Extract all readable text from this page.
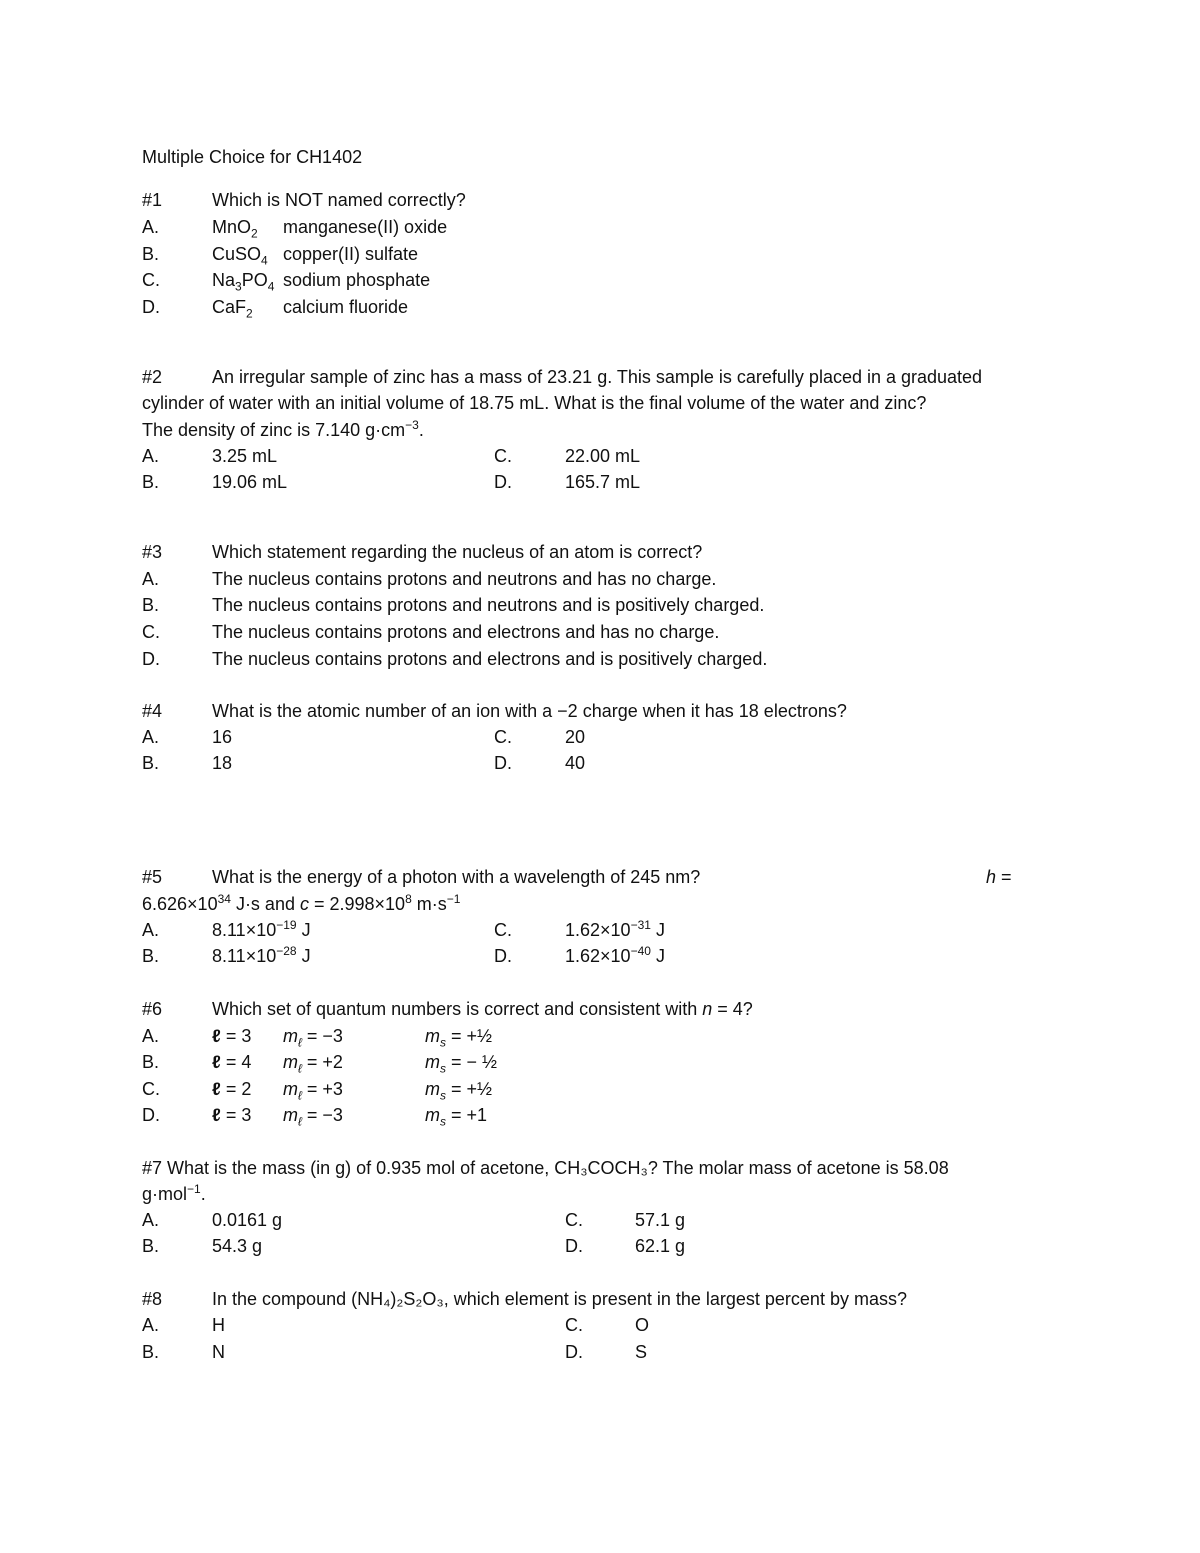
Multiple Choice for CH1402
#1	Which is NOT named correctly?
A.	MnO$_2$ manganese(II) oxide
B.	CuSO$_4$ copper(II) sulfate
C.	$Na_3PO_4$ sodium phosphate
D.	CaF$_2$ calcium fluoride
#2	An irregular sample of zinc has a mass of 23.21 g. This sample is carefully placed in a graduated
cylinder of water with an initial volume of 18.75 mL. What is the final volume of the water and zinc?
The density of zinc is 7.140 $g\cdot cm^{-3}$.
A.	3.25 mL	C.	22.00 mL
B.	19.06 mL	D.	165.7 mL
#3	Which statement regarding the nucleus of an atom is correct?
A.	The nucleus contains protons and neutrons and has no charge.
B.	The nucleus contains protons and neutrons and is positively charged.
C.	The nucleus contains protons and electrons and has no charge.
D.	The nucleus contains protons and electrons and is positively charged.
#4	What is the atomic number of an ion with a −2 charge when it has 18 electrons?
A.	16	C.	20
B.	18	D.	40
#5	What is the energy of a photon with a wavelength of 245 nm?	h =
$6.626\times 10^{34}$ J·s and $c = 2.998\times 10^8$ $m\cdot s^{-1}$
A.	$8.11\times 10^{-19}$ J	C.	$1.62\times 10^{-31}$ J
B.	$8.11\times 10^{-28}$ J	D.	$1.62\times 10^{-40}$ J
#6	Which set of quantum numbers is correct and consistent with n = 4?
A.	ℓ = 3 $m_\ell = -3$	$m_s$ = +½
B.	ℓ = 4 $m_\ell = +2$	$m_s$ = − ½
C.	ℓ = 2 $m_\ell = +3$	$m_s$ = +½
D.	ℓ = 3 $m_\ell = -3$	$m_s = +1$
#7 What is the mass (in g) of 0.935 mol of acetone, CH₃COCH₃? The molar mass of acetone is 58.08
g·mol$^{-1}$.
A.	0.0161 g	C.	57.1 g
B.	54.3 g	D.	62.1 g
#8	In the compound (NH₄)₂S₂O₃, which element is present in the largest percent by mass?
A.	H	C.	O
B.	N	D.	S
